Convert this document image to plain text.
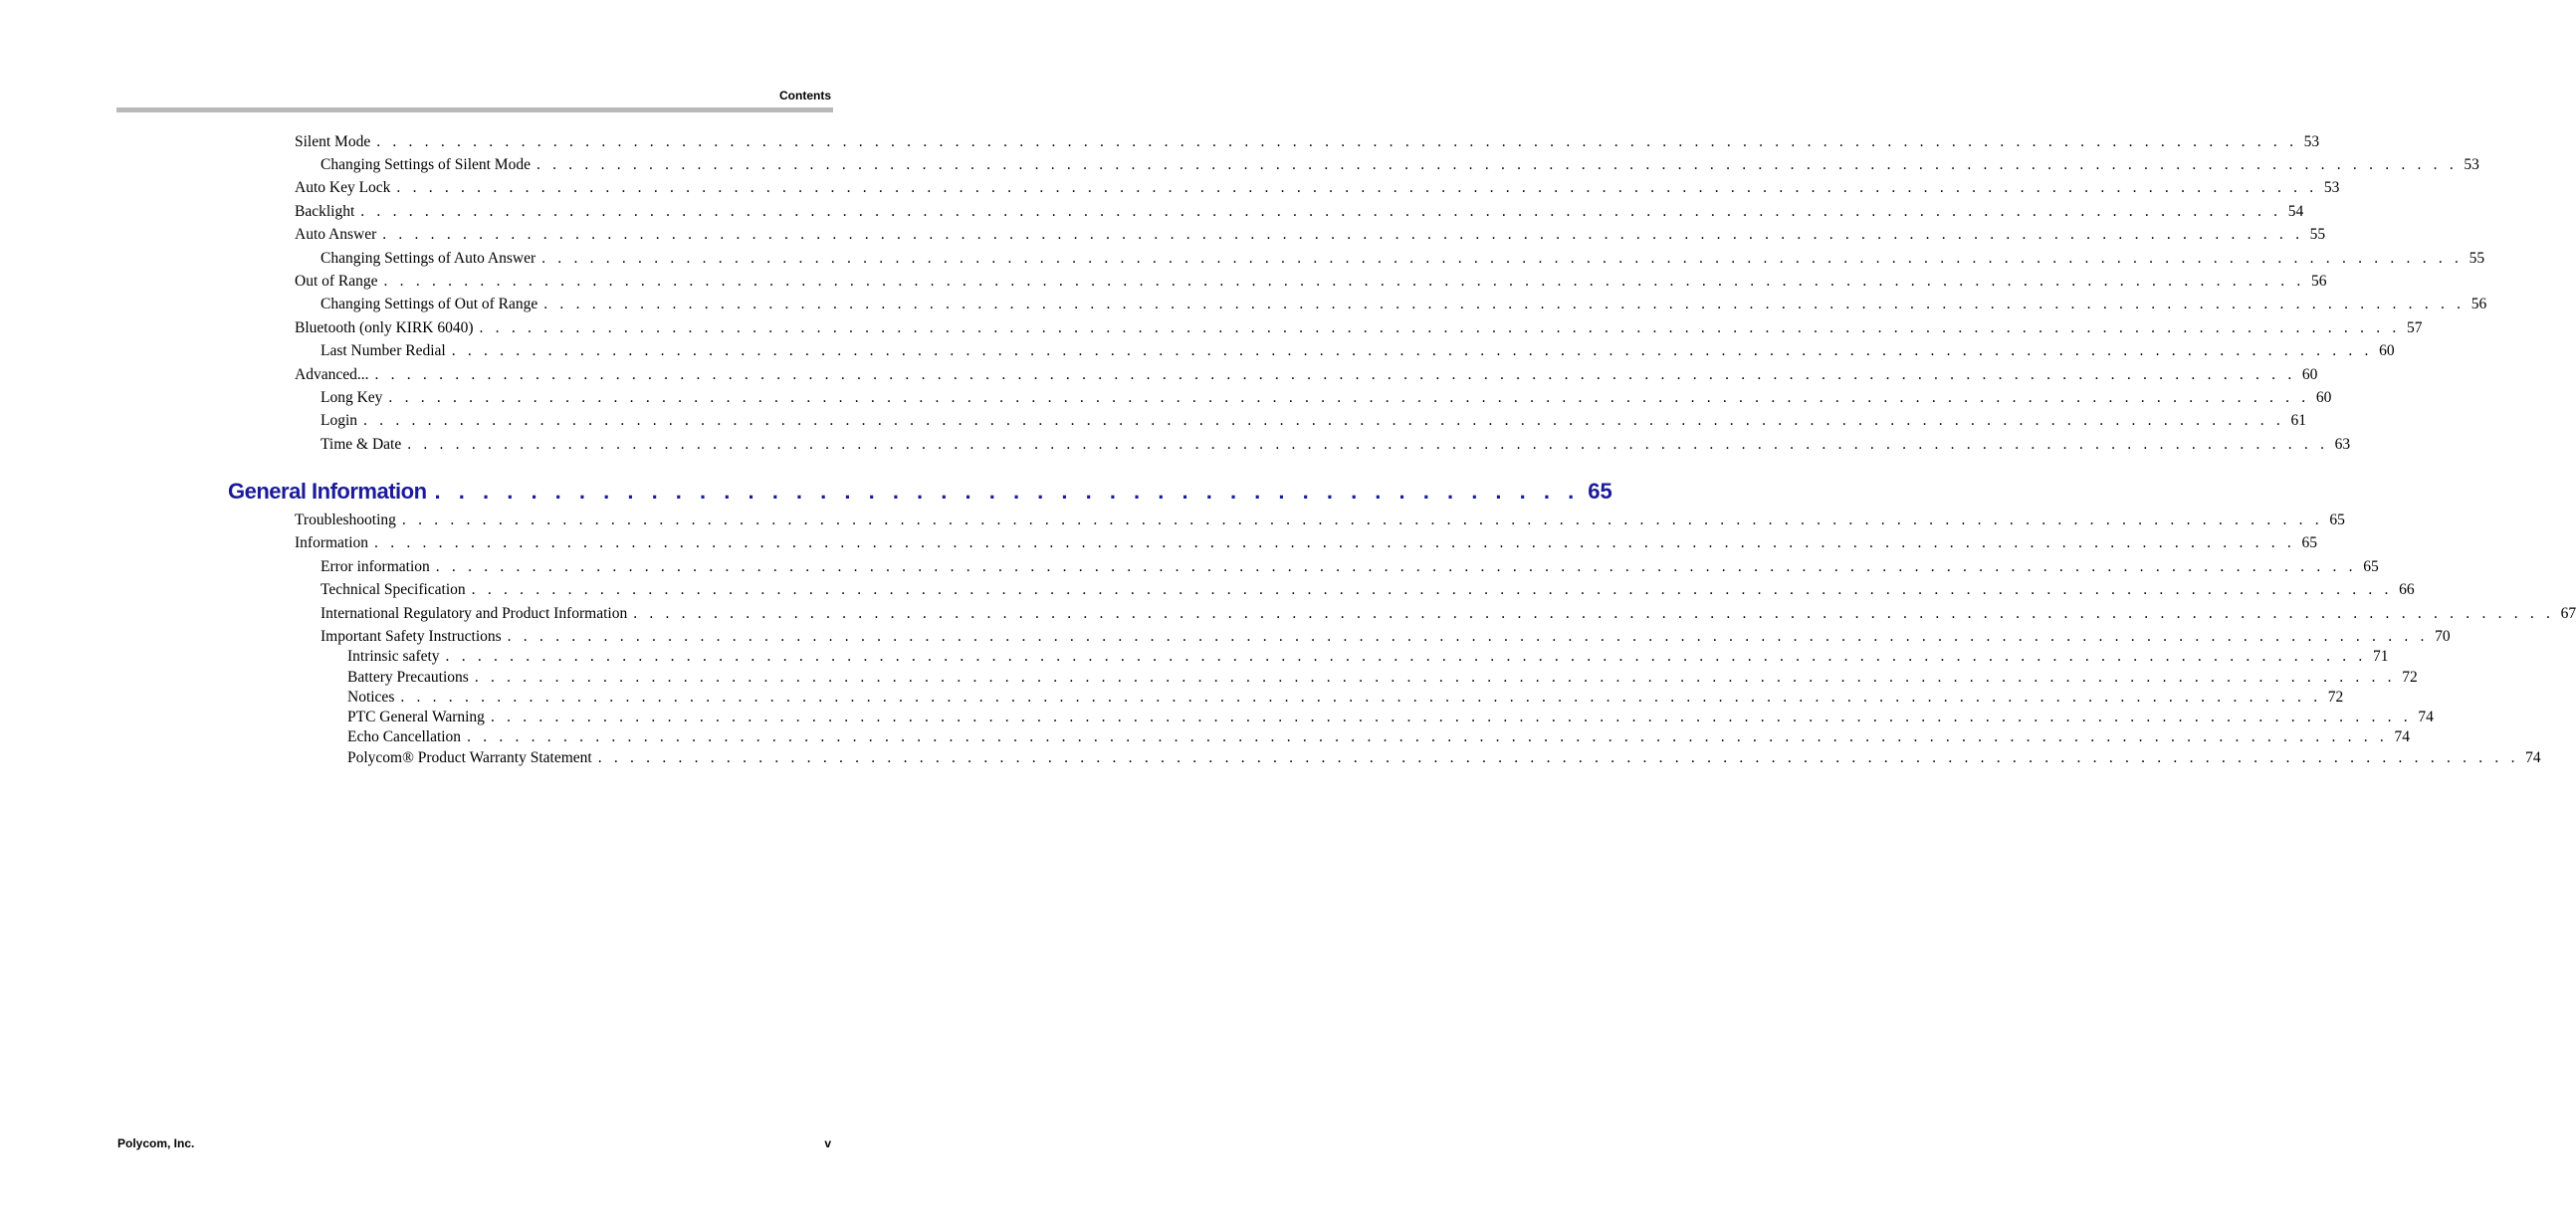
Contents
Silent Mode . . . . . . . . . . . . . . . . . . . . . . . . . . . . . . . . . . . . . . . . . . . . . . . . . . . . . . . . . . . . . . . . . . . . . . . . . . . . . . . . . . . . . . . . . . . . . . . . . . . . . . . . . . . . . . . . . . . . . . . . 53
Changing Settings of Silent Mode . . . . . . . . . . . . . . . . . . . . . . . . . . . . . . . . . . . . . . . . . . . . . . . . . . . . . . . . . . . . . . . . . . . . . . . . . . . . . . . . . . . . . . . . . . . . . . . . . . . . . . . . . . . . . . . . . . . . . . . . 53
Auto Key Lock . . . . . . . . . . . . . . . . . . . . . . . . . . . . . . . . . . . . . . . . . . . . . . . . . . . . . . . . . . . . . . . . . . . . . . . . . . . . . . . . . . . . . . . . . . . . . . . . . . . . . . . . . . . . . . . . . . . . . . . . 53
Backlight . . . . . . . . . . . . . . . . . . . . . . . . . . . . . . . . . . . . . . . . . . . . . . . . . . . . . . . . . . . . . . . . . . . . . . . . . . . . . . . . . . . . . . . . . . . . . . . . . . . . . . . . . . . . . . . . . . . . . . . . 54
Auto Answer . . . . . . . . . . . . . . . . . . . . . . . . . . . . . . . . . . . . . . . . . . . . . . . . . . . . . . . . . . . . . . . . . . . . . . . . . . . . . . . . . . . . . . . . . . . . . . . . . . . . . . . . . . . . . . . . . . . . . . . . 55
Changing Settings of Auto Answer . . . . . . . . . . . . . . . . . . . . . . . . . . . . . . . . . . . . . . . . . . . . . . . . . . . . . . . . . . . . . . . . . . . . . . . . . . . . . . . . . . . . . . . . . . . . . . . . . . . . . . . . . . . . . . . . . . . . . . . . 55
Out of Range . . . . . . . . . . . . . . . . . . . . . . . . . . . . . . . . . . . . . . . . . . . . . . . . . . . . . . . . . . . . . . . . . . . . . . . . . . . . . . . . . . . . . . . . . . . . . . . . . . . . . . . . . . . . . . . . . . . . . . . . 56
Changing Settings of Out of Range . . . . . . . . . . . . . . . . . . . . . . . . . . . . . . . . . . . . . . . . . . . . . . . . . . . . . . . . . . . . . . . . . . . . . . . . . . . . . . . . . . . . . . . . . . . . . . . . . . . . . . . . . . . . . . . . . . . . . . . . 56
Bluetooth (only KIRK 6040) . . . . . . . . . . . . . . . . . . . . . . . . . . . . . . . . . . . . . . . . . . . . . . . . . . . . . . . . . . . . . . . . . . . . . . . . . . . . . . . . . . . . . . . . . . . . . . . . . . . . . . . . . . . . . . . . . . . . . . . . 57
Last Number Redial . . . . . . . . . . . . . . . . . . . . . . . . . . . . . . . . . . . . . . . . . . . . . . . . . . . . . . . . . . . . . . . . . . . . . . . . . . . . . . . . . . . . . . . . . . . . . . . . . . . . . . . . . . . . . . . . . . . . . . . . 60
Advanced... . . . . . . . . . . . . . . . . . . . . . . . . . . . . . . . . . . . . . . . . . . . . . . . . . . . . . . . . . . . . . . . . . . . . . . . . . . . . . . . . . . . . . . . . . . . . . . . . . . . . . . . . . . . . . . . . . . . . . . . . 60
Long Key . . . . . . . . . . . . . . . . . . . . . . . . . . . . . . . . . . . . . . . . . . . . . . . . . . . . . . . . . . . . . . . . . . . . . . . . . . . . . . . . . . . . . . . . . . . . . . . . . . . . . . . . . . . . . . . . . . . . . . . . 60
Login . . . . . . . . . . . . . . . . . . . . . . . . . . . . . . . . . . . . . . . . . . . . . . . . . . . . . . . . . . . . . . . . . . . . . . . . . . . . . . . . . . . . . . . . . . . . . . . . . . . . . . . . . . . . . . . . . . . . . . . . 61
Time & Date . . . . . . . . . . . . . . . . . . . . . . . . . . . . . . . . . . . . . . . . . . . . . . . . . . . . . . . . . . . . . . . . . . . . . . . . . . . . . . . . . . . . . . . . . . . . . . . . . . . . . . . . . . . . . . . . . . . . . . . . 63
General Information . . . . . . . . . . . . . . . . . . . . . . . . . . . . . . . . . . . . . . . . . . . . . . . . 65
Troubleshooting . . . . . . . . . . . . . . . . . . . . . . . . . . . . . . . . . . . . . . . . . . . . . . . . . . . . . . . . . . . . . . . . . . . . . . . . . . . . . . . . . . . . . . . . . . . . . . . . . . . . . . . . . . . . . . . . . . . . . . . . 65
Information . . . . . . . . . . . . . . . . . . . . . . . . . . . . . . . . . . . . . . . . . . . . . . . . . . . . . . . . . . . . . . . . . . . . . . . . . . . . . . . . . . . . . . . . . . . . . . . . . . . . . . . . . . . . . . . . . . . . . . . . 65
Error information . . . . . . . . . . . . . . . . . . . . . . . . . . . . . . . . . . . . . . . . . . . . . . . . . . . . . . . . . . . . . . . . . . . . . . . . . . . . . . . . . . . . . . . . . . . . . . . . . . . . . . . . . . . . . . . . . . . . . . . . 65
Technical Specification . . . . . . . . . . . . . . . . . . . . . . . . . . . . . . . . . . . . . . . . . . . . . . . . . . . . . . . . . . . . . . . . . . . . . . . . . . . . . . . . . . . . . . . . . . . . . . . . . . . . . . . . . . . . . . . . . . . . . . . . 66
International Regulatory and Product Information . . . . . . . . . . . . . . . . . . . . . . . . . . . . . . . . . . . . . . . . . . . . . . . . . . . . . . . . . . . . . . . . . . . . . . . . . . . . . . . . . . . . . . . . . . . . . . . . . . . . . . . . . . . . . . . . . . . . . . . . 67
Important Safety Instructions . . . . . . . . . . . . . . . . . . . . . . . . . . . . . . . . . . . . . . . . . . . . . . . . . . . . . . . . . . . . . . . . . . . . . . . . . . . . . . . . . . . . . . . . . . . . . . . . . . . . . . . . . . . . . . . . . . . . . . . . 70
Intrinsic safety . . . . . . . . . . . . . . . . . . . . . . . . . . . . . . . . . . . . . . . . . . . . . . . . . . . . . . . . . . . . . . . . . . . . . . . . . . . . . . . . . . . . . . . . . . . . . . . . . . . . . . . . . . . . . . . . . . . . . . . . 71
Battery Precautions . . . . . . . . . . . . . . . . . . . . . . . . . . . . . . . . . . . . . . . . . . . . . . . . . . . . . . . . . . . . . . . . . . . . . . . . . . . . . . . . . . . . . . . . . . . . . . . . . . . . . . . . . . . . . . . . . . . . . . . . 72
Notices . . . . . . . . . . . . . . . . . . . . . . . . . . . . . . . . . . . . . . . . . . . . . . . . . . . . . . . . . . . . . . . . . . . . . . . . . . . . . . . . . . . . . . . . . . . . . . . . . . . . . . . . . . . . . . . . . . . . . . . . 72
PTC General Warning . . . . . . . . . . . . . . . . . . . . . . . . . . . . . . . . . . . . . . . . . . . . . . . . . . . . . . . . . . . . . . . . . . . . . . . . . . . . . . . . . . . . . . . . . . . . . . . . . . . . . . . . . . . . . . . . . . . . . . . . 74
Echo Cancellation . . . . . . . . . . . . . . . . . . . . . . . . . . . . . . . . . . . . . . . . . . . . . . . . . . . . . . . . . . . . . . . . . . . . . . . . . . . . . . . . . . . . . . . . . . . . . . . . . . . . . . . . . . . . . . . . . . . . . . . . 74
Polycom® Product Warranty Statement . . . . . . . . . . . . . . . . . . . . . . . . . . . . . . . . . . . . . . . . . . . . . . . . . . . . . . . . . . . . . . . . . . . . . . . . . . . . . . . . . . . . . . . . . . . . . . . . . . . . . . . . . . . . . . . . . . . . . . . . 74
Polycom, Inc.	v
